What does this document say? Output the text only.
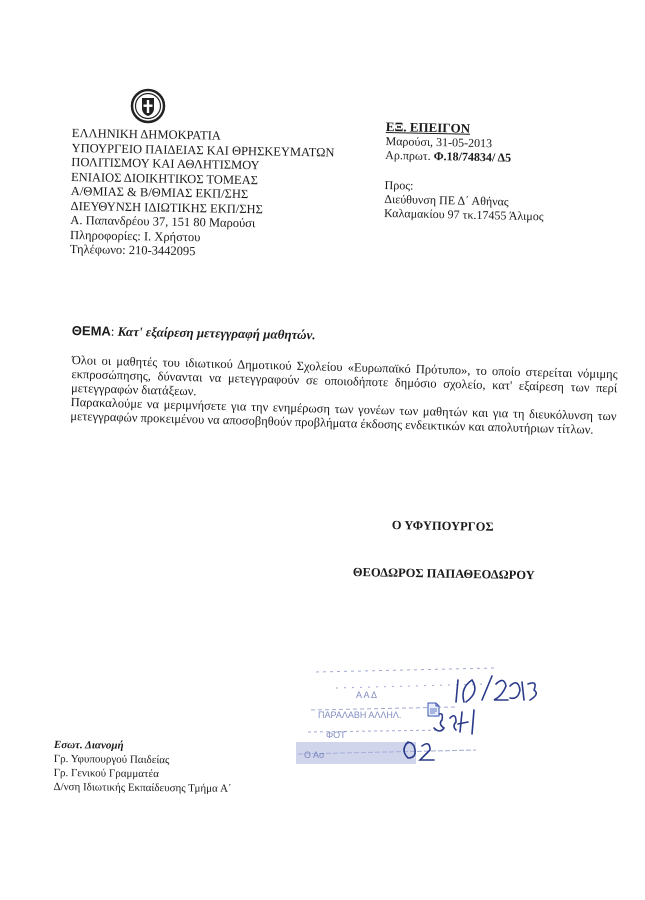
ΕΛΛΗΝΙΚΗ ΔΗΜΟΚΡΑΤΙΑ
ΥΠΟΥΡΓΕΙΟ ΠΑΙΔΕΙΑΣ ΚΑΙ ΘΡΗΣΚΕΥΜΑΤΩΝ
ΠΟΛΙΤΙΣΜΟΥ ΚΑΙ ΑΘΛΗΤΙΣΜΟΥ
ΕΝΙΑΙΟΣ ΔΙΟΙΚΗΤΙΚΟΣ ΤΟΜΕΑΣ
Α/ΘΜΙΑΣ & Β/ΘΜΙΑΣ ΕΚΠ/ΣΗΣ
ΔΙΕΥΘΥΝΣΗ ΙΔΙΩΤΙΚΗΣ ΕΚΠ/ΣΗΣ
Α. Παπανδρέου 37, 151 80 Μαρούσι
Πληροφορίες: Ι. Χρήστου
Τηλέφωνο: 210-3442095
ΕΞ. ΕΠΕΙΓΟΝ
Μαρούσι, 31-05-2013
Αρ.πρωτ. Φ.18/74834/ Δ5
Προς:
Διεύθυνση ΠΕ Δ΄ Αθήνας
Καλαμακίου 97 τκ.17455 Άλιμος
ΘΕΜΑ: Κατ' εξαίρεση μετεγγραφή μαθητών.

Όλοι οι μαθητές του ιδιωτικού Δημοτικού Σχολείου «Ευρωπαϊκό Πρότυπο», το οποίο στερείται νόμιμης εκπροσώπησης, δύνανται να μετεγγραφούν σε οποιοδήποτε δημόσιο σχολείο, κατ' εξαίρεση των περί μετεγγραφών διατάξεων.

Παρακαλούμε να μεριμνήσετε για την ενημέρωση των γονέων των μαθητών και για τη διευκόλυνση των μετεγγραφών προκειμένου να αποσοβηθούν προβλήματα έκδοσης ενδεικτικών και απολυτήριων τίτλων.

Ο ΥΦΥΠΟΥΡΓΟΣ
ΘΕΟΔΩΡΟΣ ΠΑΠΑΘΕΟΔΩΡΟΥ
Α Α Δ
ΠΑΡΑΛΑΒΗ ΑΛΛΗΛ.
ΦΟΤ
Ο Ασ
Εσωτ. Διανομή
Γρ. Υφυπουργού Παιδείας
Γρ. Γενικού Γραμματέα
Δ/νση Ιδιωτικής Εκπαίδευσης Τμήμα Α΄
